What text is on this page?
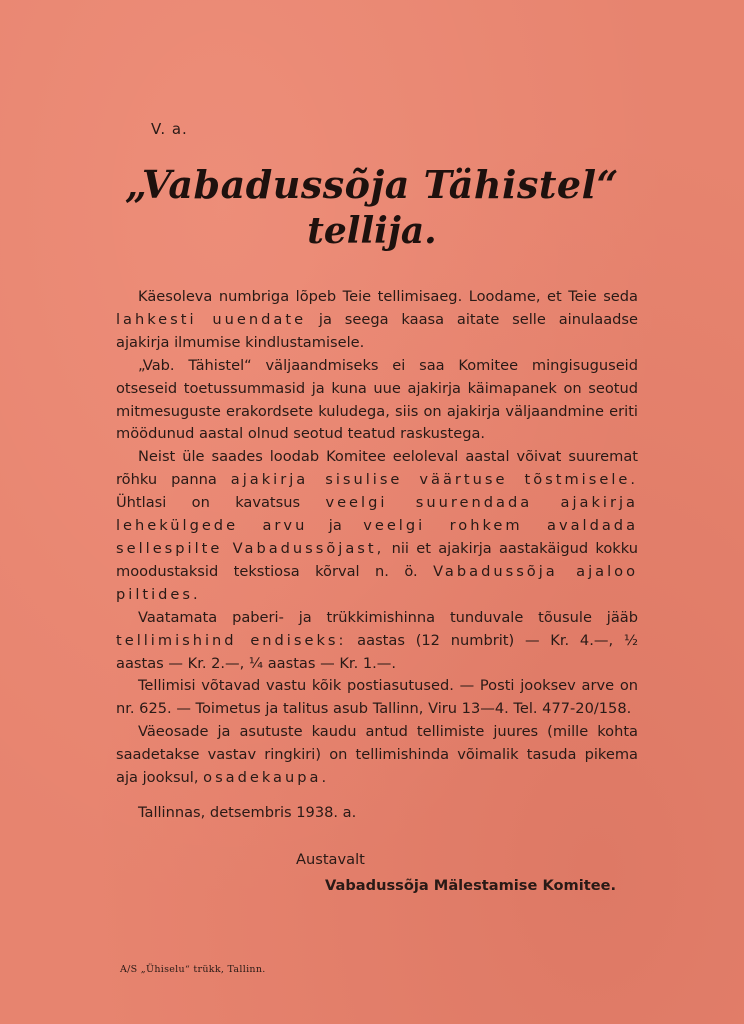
V. a.
„Vabadussõja Tähistel“
tellija.

Käesoleva numbriga lõpeb Teie tellimisaeg. Loodame, et Teie seda lahkesti uuendate ja seega kaasa aitate selle ainulaadse ajakirja ilmumise kindlustamisele.

„Vab. Tähistel“ väljaandmiseks ei saa Komitee mingisuguseid otseseid toetussummasid ja kuna uue ajakirja käimapanek on seotud mitmesuguste erakordsete kuludega, siis on ajakirja väljaandmine eriti möödunud aastal olnud seotud teatud raskustega.

Neist üle saades loodab Komitee eeloleval aastal võivat suuremat rõhku panna ajakirja sisulise väärtuse tõstmisele. Ühtlasi on kavatsus veelgi suurendada ajakirja lehekülgede arvu ja veelgi rohkem avaldada sellespilte Vabadussõjast, nii et ajakirja aastakäigud kokku moodustaksid tekstiosa kõrval n. ö. Vabadussõja ajaloo piltides.

Vaatamata paberi- ja trükkimishinna tunduvale tõusule jääb tellimishind endiseks: aastas (12 numbrit) — Kr. 4.—, ½ aastas — Kr. 2.—, ¼ aastas — Kr. 1.—.

Tellimisi võtavad vastu kõik postiasutused. — Posti jooksev arve on nr. 625. — Toimetus ja talitus asub Tallinn, Viru 13—4. Tel. 477-20/158.

Väeosade ja asutuste kaudu antud tellimiste juures (mille kohta saadetakse vastav ringkiri) on tellimishinda võimalik tasuda pikema aja jooksul, osadekaupa.

Tallinnas, detsembris 1938. a.
Austavalt
Vabadussõja Mälestamise Komitee.
A/S „Ühiselu“ trükk, Tallinn.
